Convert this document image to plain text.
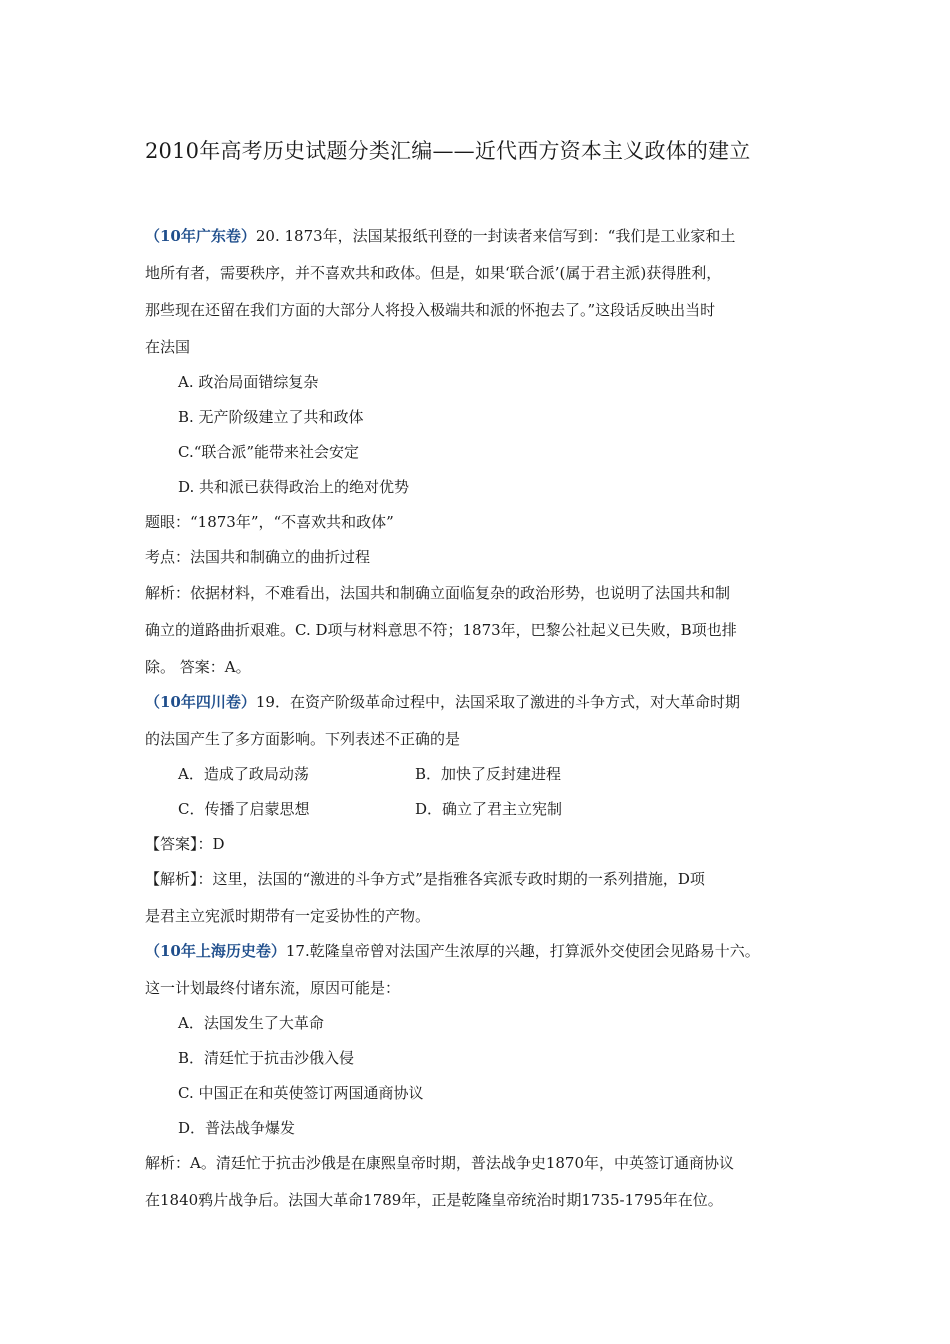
2010年高考历史试题分类汇编——近代西方资本主义政体的建立
（10年广东卷）20. 1873年，法国某报纸刊登的一封读者来信写到：“我们是工业家和土
地所有者，需要秩序，并不喜欢共和政体。但是，如果‘联合派’(属于君主派)获得胜利，
那些现在还留在我们方面的大部分人将投入极端共和派的怀抱去了。”这段话反映出当时
在法国
A. 政治局面错综复杂
B. 无产阶级建立了共和政体
C.“联合派”能带来社会安定
D. 共和派已获得政治上的绝对优势
题眼：“1873年”，“不喜欢共和政体”
考点：法国共和制确立的曲折过程
解析：依据材料，不难看出，法国共和制确立面临复杂的政治形势，也说明了法国共和制
确立的道路曲折艰难。C. D项与材料意思不符；1873年，巴黎公社起义已失败，B项也排
除。 答案：A。
（10年四川卷）19．在资产阶级革命过程中，法国采取了激进的斗争方式，对大革命时期
的法国产生了多方面影响。下列表述不正确的是
A．造成了政局动荡	B．加快了反封建进程
C．传播了启蒙思想	D．确立了君主立宪制
【答案】：D
【解析】：这里，法国的“激进的斗争方式”是指雅各宾派专政时期的一系列措施，D项
是君主立宪派时期带有一定妥协性的产物。
（10年上海历史卷）17.乾隆皇帝曾对法国产生浓厚的兴趣，打算派外交使团会见路易十六。
这一计划最终付诸东流，原因可能是：
A．法国发生了大革命
B．清廷忙于抗击沙俄入侵
C. 中国正在和英使签订两国通商协议
D．普法战争爆发
解析：A。清廷忙于抗击沙俄是在康熙皇帝时期，普法战争史1870年，中英签订通商协议
在1840鸦片战争后。法国大革命1789年，正是乾隆皇帝统治时期1735-1795年在位。
